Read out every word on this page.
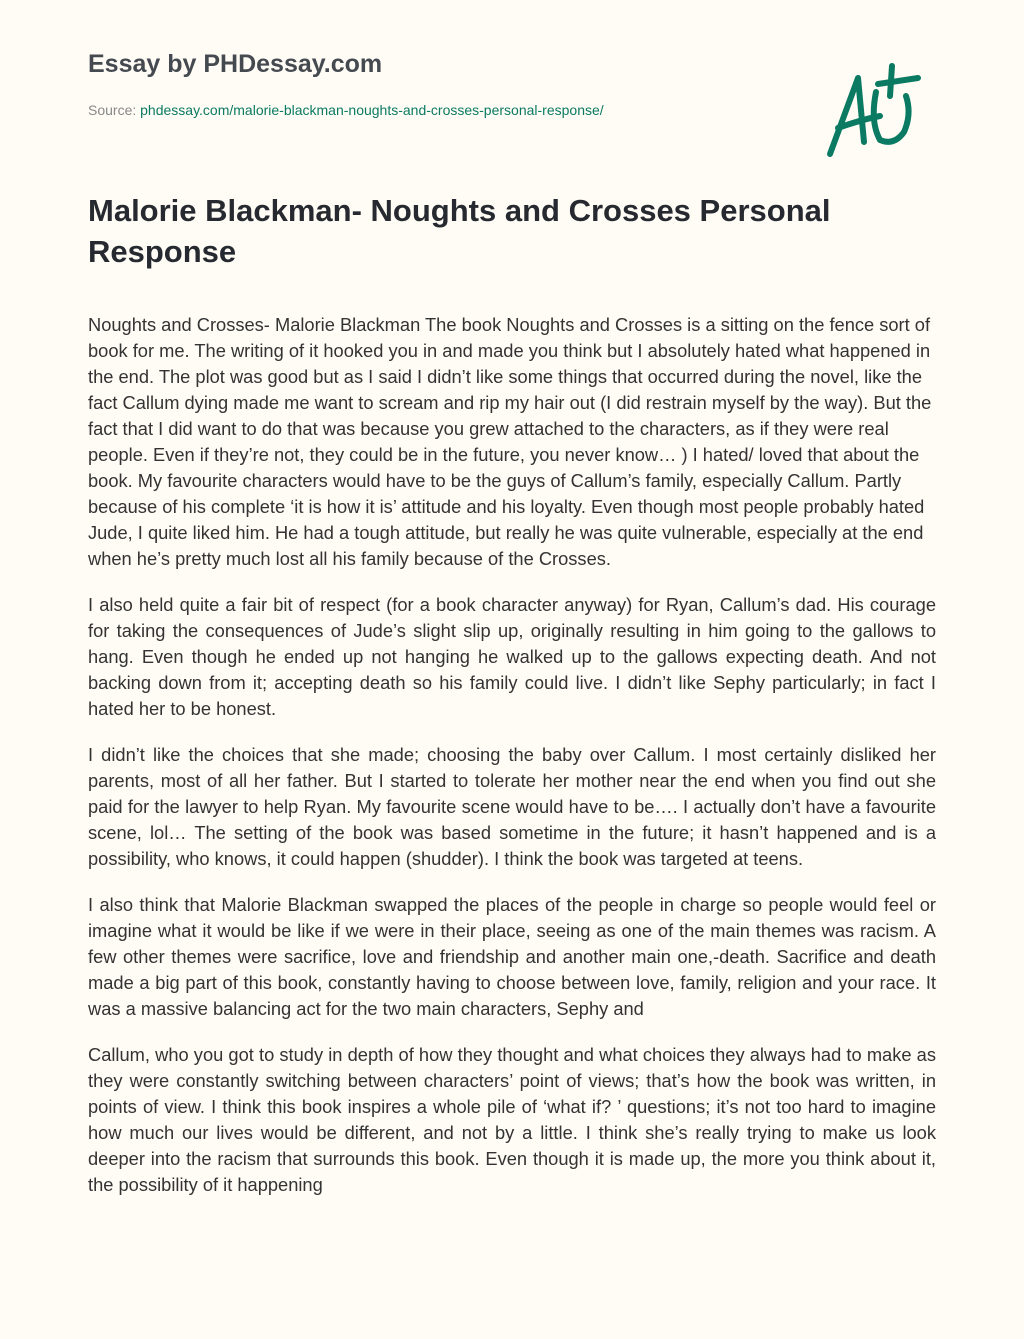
Essay by PHDessay.com
Source: phdessay.com/malorie-blackman-noughts-and-crosses-personal-response/
Malorie Blackman- Noughts and Crosses Personal Response

Noughts and Crosses- Malorie Blackman The book Noughts and Crosses is a sitting on the fence sort of book for me. The writing of it hooked you in and made you think but I absolutely hated what happened in the end. The plot was good but as I said I didn’t like some things that occurred during the novel, like the fact Callum dying made me want to scream and rip my hair out (I did restrain myself by the way). But the fact that I did want to do that was because you grew attached to the characters, as if they were real people. Even if they’re not, they could be in the future, you never know… ) I hated/ loved that about the book. My favourite characters would have to be the guys of Callum’s family, especially Callum. Partly because of his complete ‘it is how it is’ attitude and his loyalty. Even though most people probably hated Jude, I quite liked him. He had a tough attitude, but really he was quite vulnerable, especially at the end when he’s pretty much lost all his family because of the Crosses.

I also held quite a fair bit of respect (for a book character anyway) for Ryan, Callum’s dad. His courage for taking the consequences of Jude’s slight slip up, originally resulting in him going to the gallows to hang. Even though he ended up not hanging he walked up to the gallows expecting death. And not backing down from it; accepting death so his family could live. I didn’t like Sephy particularly; in fact I hated her to be honest.

I didn’t like the choices that she made; choosing the baby over Callum. I most certainly disliked her parents, most of all her father. But I started to tolerate her mother near the end when you find out she paid for the lawyer to help Ryan. My favourite scene would have to be…. I actually don’t have a favourite scene, lol… The setting of the book was based sometime in the future; it hasn’t happened and is a possibility, who knows, it could happen (shudder). I think the book was targeted at teens.

I also think that Malorie Blackman swapped the places of the people in charge so people would feel or imagine what it would be like if we were in their place, seeing as one of the main themes was racism. A few other themes were sacrifice, love and friendship and another main one,-death. Sacrifice and death made a big part of this book, constantly having to choose between love, family, religion and your race. It was a massive balancing act for the two main characters, Sephy and

Callum, who you got to study in depth of how they thought and what choices they always had to make as they were constantly switching between characters’ point of views; that’s how the book was written, in points of view. I think this book inspires a whole pile of ‘what if? ’ questions; it’s not too hard to imagine how much our lives would be different, and not by a little. I think she’s really trying to make us look deeper into the racism that surrounds this book. Even though it is made up, the more you think about it, the possibility of it happening
